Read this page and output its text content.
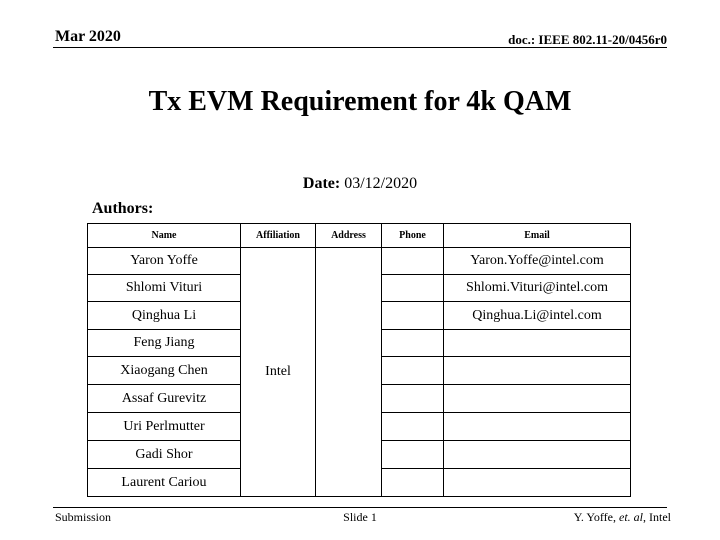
Mar 2020	doc.: IEEE 802.11-20/0456r0
Tx EVM Requirement for 4k QAM
Date: 03/12/2020
Authors:
Name	Affiliation	Address	Phone	Email
Yaron Yoffe	Intel			Yaron.Yoffe@intel.com
Shlomi Vituri				Shlomi.Vituri@intel.com
Qinghua Li				Qinghua.Li@intel.com
Feng Jiang				
Xiaogang Chen				
Assaf Gurevitz				
Uri Perlmutter				
Gadi Shor				
Laurent Cariou				
Submission	Slide 1	Y. Yoffe, et. al, Intel
